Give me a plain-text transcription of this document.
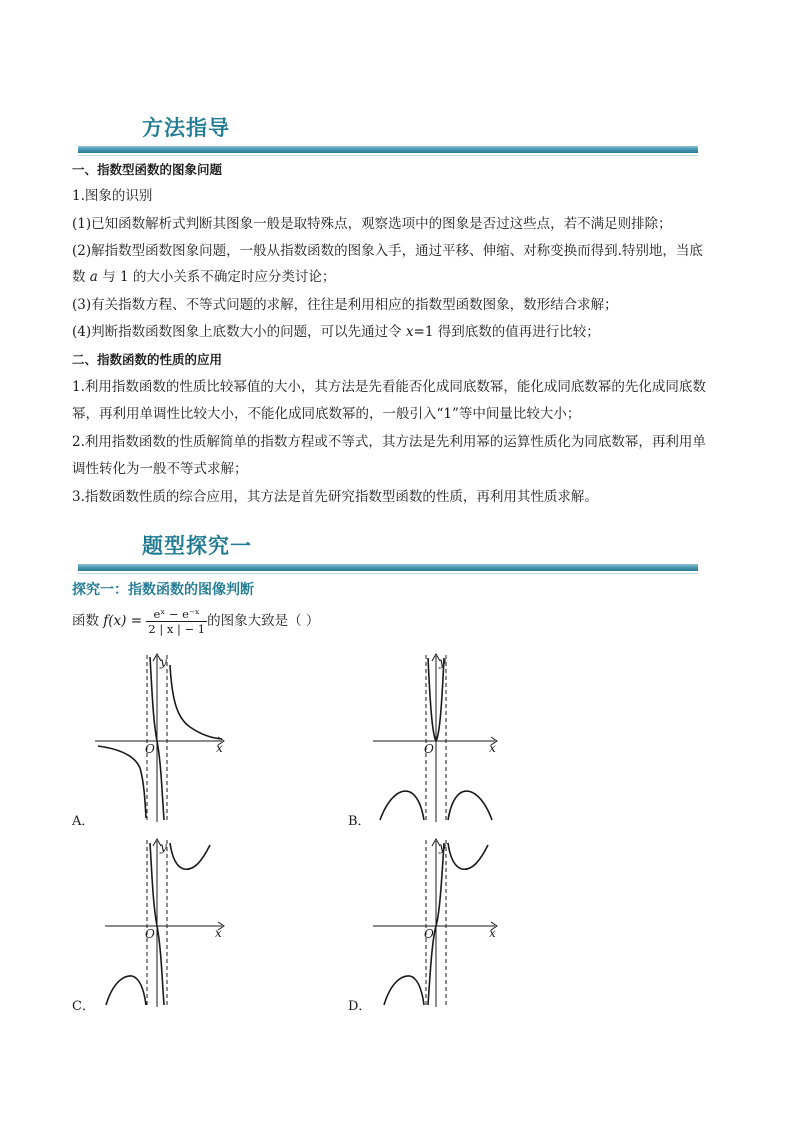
方法指导
一、指数型函数的图象问题
1.图象的识别
(1)已知函数解析式判断其图象一般是取特殊点，观察选项中的图象是否过这些点，若不满足则排除；
(2)解指数型函数图象问题，一般从指数函数的图象入手，通过平移、伸缩、对称变换而得到.特别地，当底
数 a 与 1 的大小关系不确定时应分类讨论；
(3)有关指数方程、不等式问题的求解，往往是利用相应的指数型函数图象，数形结合求解；
(4)判断指数函数图象上底数大小的问题，可以先通过令 x=1 得到底数的值再进行比较；
二、指数函数的性质的应用
1.利用指数函数的性质比较幂值的大小，其方法是先看能否化成同底数幂，能化成同底数幂的先化成同底数
幂，再利用单调性比较大小，不能化成同底数幂的，一般引入“1”等中间量比较大小；
2.利用指数函数的性质解简单的指数方程或不等式，其方法是先利用幂的运算性质化为同底数幂，再利用单
调性转化为一般不等式求解；
3.指数函数性质的综合应用，其方法是首先研究指数型函数的性质，再利用其性质求解。
题型探究一
探究一：指数函数的图像判断
函数 $f(x) = \frac{\text{eˣ − e⁻ˣ}}{2 | x | - 1}$ 的图象大致是（ ）
O	x
y
A．
O	x
y
B．
O	x
y
C．
O	x
y
D．
